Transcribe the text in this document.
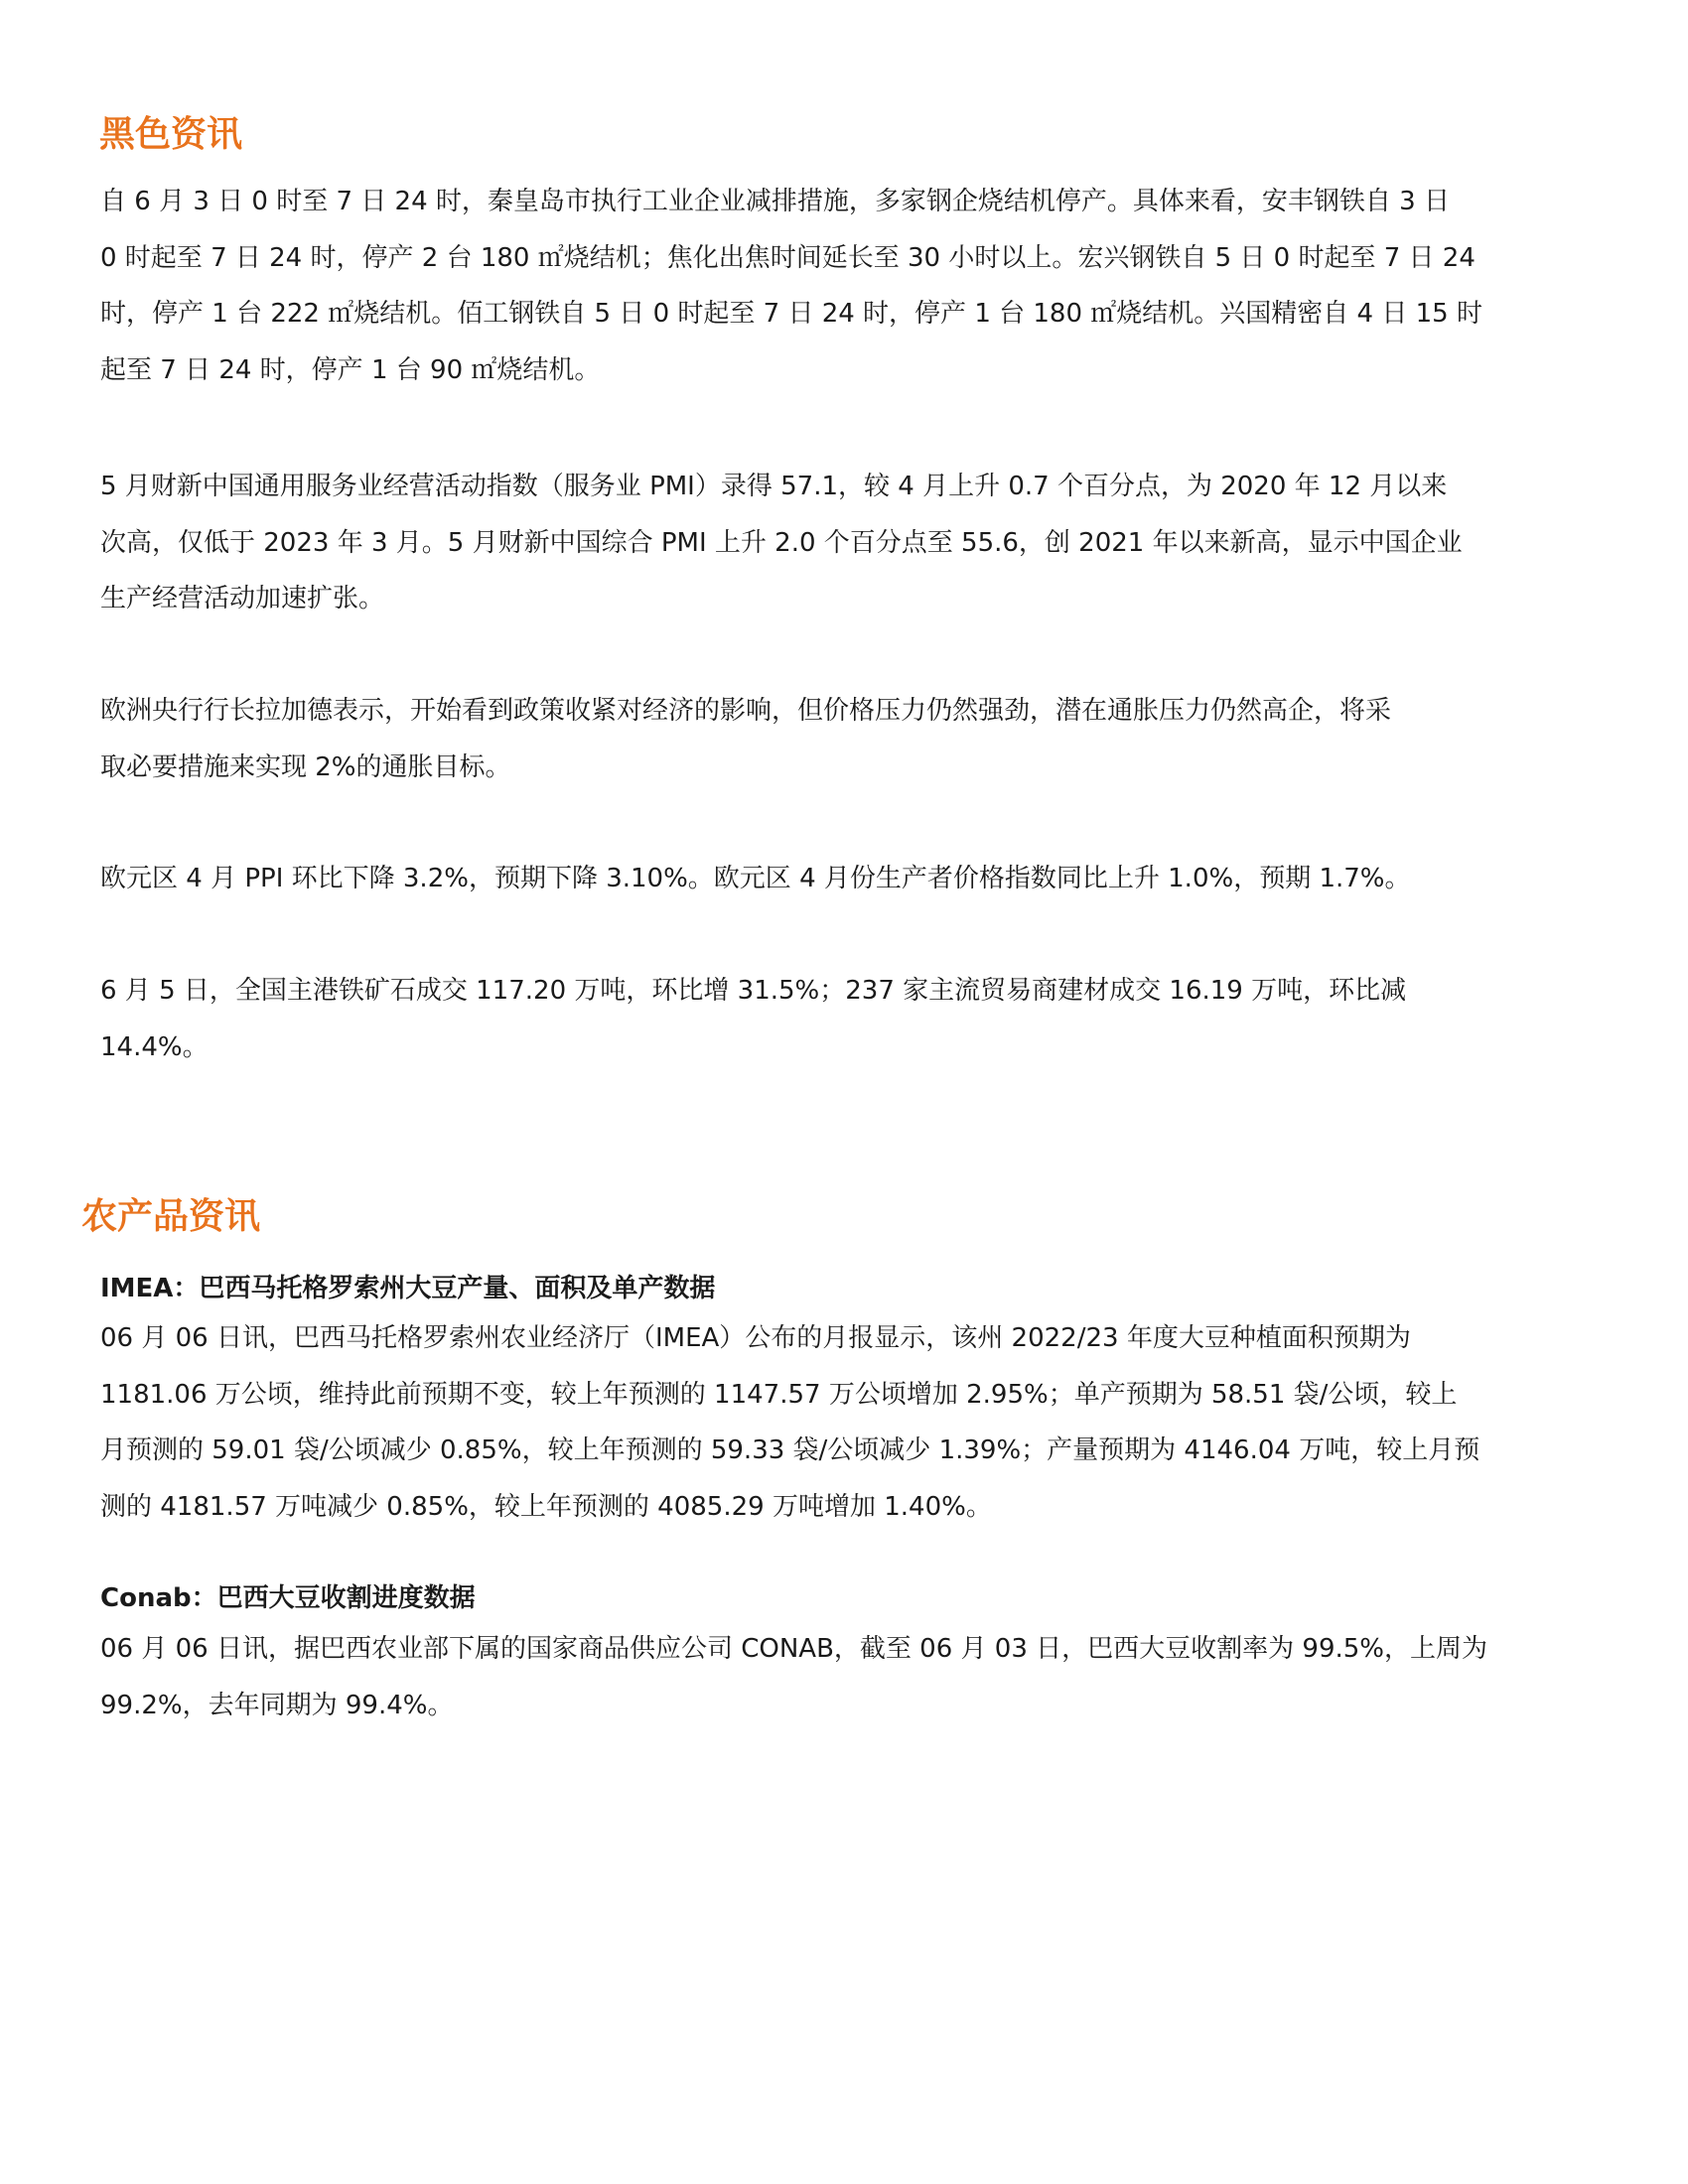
黑色资讯
自 6 月 3 日 0 时至 7 日 24 时，秦皇岛市执行工业企业减排措施，多家钢企烧结机停产。具体来看，安丰钢铁自 3 日
0 时起至 7 日 24 时，停产 2 台 180 ㎡烧结机；焦化出焦时间延长至 30 小时以上。宏兴钢铁自 5 日 0 时起至 7 日 24
时，停产 1 台 222 ㎡烧结机。佰工钢铁自 5 日 0 时起至 7 日 24 时，停产 1 台 180 ㎡烧结机。兴国精密自 4 日 15 时
起至 7 日 24 时，停产 1 台 90 ㎡烧结机。
5 月财新中国通用服务业经营活动指数（服务业 PMI）录得 57.1，较 4 月上升 0.7 个百分点，为 2020 年 12 月以来
次高，仅低于 2023 年 3 月。5 月财新中国综合 PMI 上升 2.0 个百分点至 55.6，创 2021 年以来新高，显示中国企业
生产经营活动加速扩张。
欧洲央行行长拉加德表示，开始看到政策收紧对经济的影响，但价格压力仍然强劲，潜在通胀压力仍然高企，将采
取必要措施来实现 2%的通胀目标。
欧元区 4 月 PPI 环比下降 3.2%，预期下降 3.10%。欧元区 4 月份生产者价格指数同比上升 1.0%，预期 1.7%。
6 月 5 日，全国主港铁矿石成交 117.20 万吨，环比增 31.5%；237 家主流贸易商建材成交 16.19 万吨，环比减
14.4%。
农产品资讯
IMEA：巴西马托格罗索州大豆产量、面积及单产数据
06 月 06 日讯，巴西马托格罗索州农业经济厅（IMEA）公布的月报显示，该州 2022/23 年度大豆种植面积预期为
1181.06 万公顷，维持此前预期不变，较上年预测的 1147.57 万公顷增加 2.95%；单产预期为 58.51 袋/公顷，较上
月预测的 59.01 袋/公顷减少 0.85%，较上年预测的 59.33 袋/公顷减少 1.39%；产量预期为 4146.04 万吨，较上月预
测的 4181.57 万吨减少 0.85%，较上年预测的 4085.29 万吨增加 1.40%。
Conab：巴西大豆收割进度数据
06 月 06 日讯，据巴西农业部下属的国家商品供应公司 CONAB，截至 06 月 03 日，巴西大豆收割率为 99.5%，上周为
99.2%，去年同期为 99.4%。
